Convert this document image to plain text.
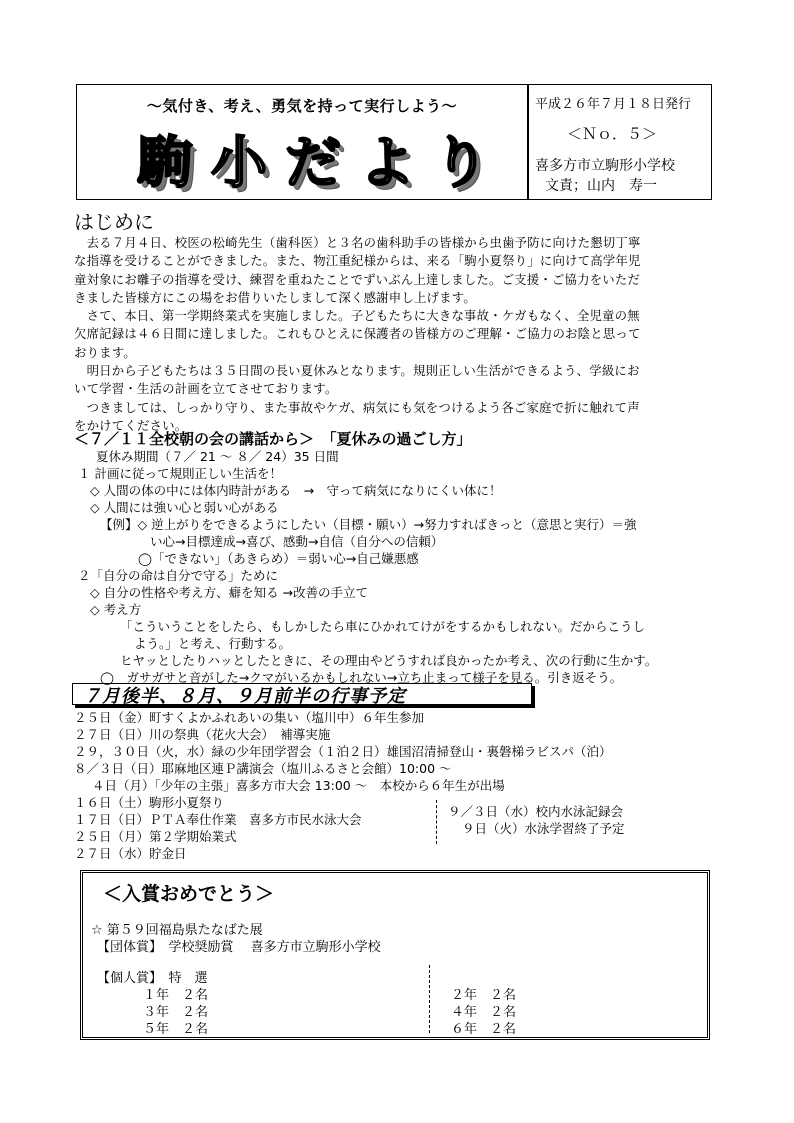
～気付き、考え、勇気を持って実行しよう～
駒小だより
平成２６年７月１８日発行
＜Ｎｏ．５＞
喜多方市立駒形小学校
文責；山内　寿一
はじめに
　去る７月４日、校医の松崎先生（歯科医）と３名の歯科助手の皆様から虫歯予防に向けた懇切丁寧
な指導を受けることができました。また、物江重紀様からは、来る「駒小夏祭り」に向けて高学年児
童対象にお囃子の指導を受け、練習を重ねたことでずいぶん上達しました。ご支援・ご協力をいただ
きました皆様方にこの場をお借りいたしまして深く感謝申し上げます。
　さて、本日、第一学期終業式を実施しました。子どもたちに大きな事故・ケガもなく、全児童の無
欠席記録は４６日間に達しました。これもひとえに保護者の皆様方のご理解・ご協力のお陰と思って
おります。
　明日から子どもたちは３５日間の長い夏休みとなります。規則正しい生活ができるよう、学級にお
いて学習・生活の計画を立てさせております。
　つきましては、しっかり守り、また事故やケガ、病気にも気をつけるよう各ご家庭で折に触れて声
をかけてください。
＜７／１１全校朝の会の講話から＞　「夏休みの過ごし方」
夏休み期間（７／ 21 ～ ８／ 24）35 日間
１ 計画に従って規則正しい生活を！
◇ 人間の体の中には体内時計がある　→　守って病気になりにくい体に！
◇ 人間には強い心と弱い心がある
【例】◇ 逆上がりをできるようにしたい（目標・願い）→努力すればきっと（意思と実行）＝強
い心→目標達成→喜び、感動→自信（自分への信頼）
◯「できない」（あきらめ）＝弱い心→自己嫌悪感
２「自分の命は自分で守る」ために
◇ 自分の性格や考え方、癖を知る →改善の手立て
◇ 考え方
「こういうことをしたら、もしかしたら車にひかれてけがをするかもしれない。だからこうし
よう。」と考え、行動する。
ヒヤッとしたりハッとしたときに、その理由やどうすれば良かったか考え、次の行動に生かす。
◯　ガサガサと音がした→クマがいるかもしれない→立ち止まって様子を見る。引き返そう。
７月後半、８月、９月前半の行事予定
２５日（金）町すくよかふれあいの集い（塩川中）６年生参加
２７日（日）川の祭典（花火大会）　補導実施
２９，３０日（火，水）緑の少年団学習会（１泊２日）雄国沼清掃登山・裏磐梯ラビスパ（泊）
８／３日（日）耶麻地区連Ｐ講演会（塩川ふるさと会館）10:00 ～
４日（月）「少年の主張」喜多方市大会 13:00 ～　本校から６年生が出場
１６日（土）駒形小夏祭り
１７日（日）ＰＴＡ奉仕作業　喜多方市民水泳大会
２５日（月）第２学期始業式
２７日（水）貯金日
９／３日（水）校内水泳記録会
９日（火）水泳学習終了予定
＜入賞おめでとう＞
☆ 第５９回福島県たなばた展
【団体賞】　学校奨励賞　 喜多方市立駒形小学校
【個人賞】　特　選
１年　２名
３年　２名
５年　２名
２年　２名
４年　２名
６年　２名
